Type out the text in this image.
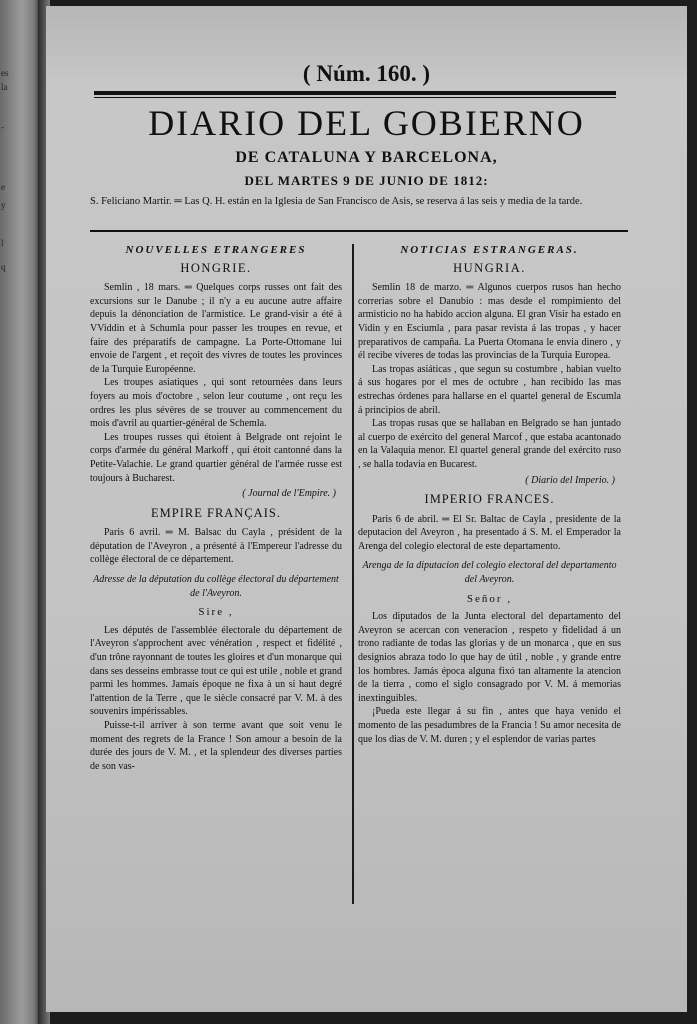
es
la
-
e
y
l
q
( Núm. 160. )
DIARIO DEL GOBIERNO
DE CATALUNA Y BARCELONA,
DEL MARTES 9 DE JUNIO DE 1812:
S. Feliciano Martir. ═ Las Q. H. están en la Iglesia de San Francisco de Asis, se reserva á las seis y media de la tarde.
NOUVELLES ETRANGERES
HONGRIE.

Semlin , 18 mars. ═ Quelques corps russes ont fait des excursions sur le Danube ; il n'y a eu aucune autre affaire depuis la dénonciation de l'armistice. Le grand-visir a été à VViddin et à Schumla pour passer les troupes en revue, et faire des préparatifs de campagne. La Porte-Ottomane lui envoie de l'argent , et reçoit des vivres de toutes les provinces de la Turquie Européenne.

Les troupes asiatiques , qui sont retournées dans leurs foyers au mois d'octobre , selon leur coutume , ont reçu les ordres les plus sévères de se trouver au commencement du mois d'avril au quartier-général de Schemla.

Les troupes russes qui étoient à Belgrade ont rejoint le corps d'armée du général Markoff , qui étoit cantonné dans la Petite-Valachie. Le grand quartier général de l'armée russe est toujours à Bucharest.

( Journal de l'Empire. )
EMPIRE FRANÇAIS.

Paris 6 avril. ═ M. Balsac du Cayla , président de la députation de l'Aveyron , a présenté à l'Empereur l'adresse du collège électoral de ce département.

Adresse de la députation du collège électoral du département de l'Aveyron.
Sire ,

Les députés de l'assemblée électorale du département de l'Aveyron s'approchent avec vénération , respect et fidélité , d'un trône rayonnant de toutes les gloires et d'un monarque qui dans ses desseins embrasse tout ce qui est utile , noble et grand parmi les hommes. Jamais époque ne fixa à un si haut degré l'attention de la Terre , que le siècle consacré par V. M. à des souvenirs impérissables.

Puisse-t-il arriver à son terme avant que soit venu le moment des regrets de la France ! Son amour a besoin de la durée des jours de V. M. , et la splendeur des diverses parties de son vas-

NOTICIAS ESTRANGERAS.
HUNGRIA.

Semlin 18 de marzo. ═ Algunos cuerpos rusos han hecho correrias sobre el Danubio : mas desde el rompimiento del armisticio no ha habido accion alguna. El gran Visir ha estado en Vidin y en Esciumla , para pasar revista á las tropas , y hacer preparativos de campaña. La Puerta Otomana le envia dinero , y él recibe víveres de todas las provincias de la Turquia Europea.

Las tropas asiáticas , que segun su costumbre , habian vuelto á sus hogares por el mes de octubre , han recibido las mas estrechas órdenes para hallarse en el quartel general de Escumla á principios de abril.

Las tropas rusas que se hallaban en Belgrado se han juntado al cuerpo de exército del general Marcof , que estaba acantonado en la Valaquia menor. El quartel general grande del exército ruso , se halla todavia en Bucarest.

( Diario del Imperio. )
IMPERIO FRANCES.

Paris 6 de abril. ═ El Sr. Baltac de Cayla , presidente de la deputacion del Aveyron , ha presentado á S. M. el Emperador la Arenga del colegio electoral de este departamento.

Arenga de la diputacion del colegio electoral del departamento del Aveyron.
Señor ,

Los diputados de la Junta electoral del departamento del Aveyron se acercan con veneracion , respeto y fidelidad á un trono radiante de todas las glorias y de un monarca , que en sus designios abraza todo lo que hay de útil , noble , y grande entre los hombres. Jamás época alguna fixó tan altamente la atencion de la tierra , como el siglo consagrado por V. M. á memorias inextinguibles.

¡Pueda este llegar á su fin , antes que haya venido el momento de las pesadumbres de la Francia ! Su amor necesita de que los dias de V. M. duren ; y el esplendor de varias partes
